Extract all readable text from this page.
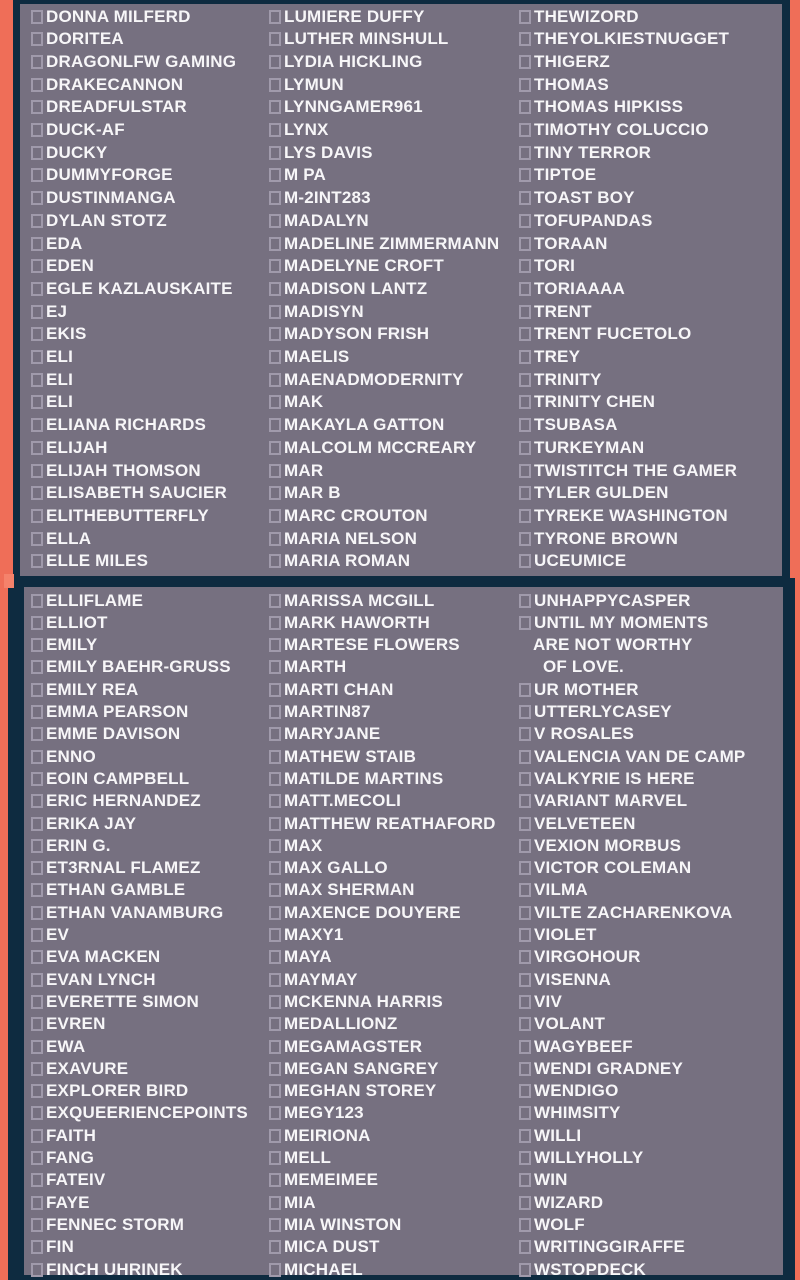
DONNA MILFERD
DORITEA
DRAGONLFW GAMING
DRAKECANNON
DREADFULSTAR
DUCK-AF
DUCKY
DUMMYFORGE
DUSTINMANGA
DYLAN STOTZ
EDA
EDEN
EGLE KAZLAUSKAITE
EJ
EKIS
ELI
ELI
ELI
ELIANA RICHARDS
ELIJAH
ELIJAH THOMSON
ELISABETH SAUCIER
ELITHEBUTTERFLY
ELLA
ELLE MILES
ELLIFLAME
ELLIOT
EMILY
EMILY BAEHR-GRUSS
EMILY REA
EMMA PEARSON
EMME DAVISON
ENNO
EOIN CAMPBELL
ERIC HERNANDEZ
ERIKA JAY
ERIN G.
ET3RNAL FLAMEZ
ETHAN GAMBLE
ETHAN VANAMBURG
EV
EVA MACKEN
EVAN LYNCH
EVERETTE SIMON
EVREN
EWA
EXAVURE
EXPLORER BIRD
EXQUEERIENCEPOINTS
FAITH
FANG
FATEIV
FAYE
FENNEC STORM
FIN
FINCH UHRINEK
LUMIERE DUFFY
LUTHER MINSHULL
LYDIA HICKLING
LYMUN
LYNNGAMER961
LYNX
LYS DAVIS
M PA
M-2INT283
MADALYN
MADELINE ZIMMERMANN
MADELYNE CROFT
MADISON LANTZ
MADISYN
MADYSON FRISH
MAELIS
MAENADMODERNITY
MAK
MAKAYLA GATTON
MALCOLM MCCREARY
MAR
MAR B
MARC CROUTON
MARIA NELSON
MARIA ROMAN
MARISSA MCGILL
MARK HAWORTH
MARTESE FLOWERS
MARTH
MARTI CHAN
MARTIN87
MARYJANE
MATHEW STAIB
MATILDE MARTINS
MATT.MECOLI
MATTHEW REATHAFORD
MAX
MAX GALLO
MAX SHERMAN
MAXENCE DOUYERE
MAXY1
MAYA
MAYMAY
MCKENNA HARRIS
MEDALLIONZ
MEGAMAGSTER
MEGAN SANGREY
MEGHAN STOREY
MEGY123
MEIRIONA
MELL
MEMEIMEE
MIA
MIA WINSTON
MICA DUST
MICHAEL
THEWIZORD
THEYOLKIESTNUGGET
THIGERZ
THOMAS
THOMAS HIPKISS
TIMOTHY COLUCCIO
TINY TERROR
TIPTOE
TOAST BOY
TOFUPANDAS
TORAAN
TORI
TORIAAAA
TRENT
TRENT FUCETOLO
TREY
TRINITY
TRINITY CHEN
TSUBASA
TURKEYMAN
TWISTITCH THE GAMER
TYLER GULDEN
TYREKE WASHINGTON
TYRONE BROWN
UCEUMICE
UNHAPPYCASPER
UNTIL MY MOMENTS
ARE NOT WORTHY
OF LOVE.
UR MOTHER
UTTERLYCASEY
V ROSALES
VALENCIA VAN DE CAMP
VALKYRIE IS HERE
VARIANT MARVEL
VELVETEEN
VEXION MORBUS
VICTOR COLEMAN
VILMA
VILTE ZACHARENKOVA
VIOLET
VIRGOHOUR
VISENNA
VIV
VOLANT
WAGYBEEF
WENDI GRADNEY
WENDIGO
WHIMSITY
WILLI
WILLYHOLLY
WIN
WIZARD
WOLF
WRITINGGIRAFFE
WSTOPDECK
